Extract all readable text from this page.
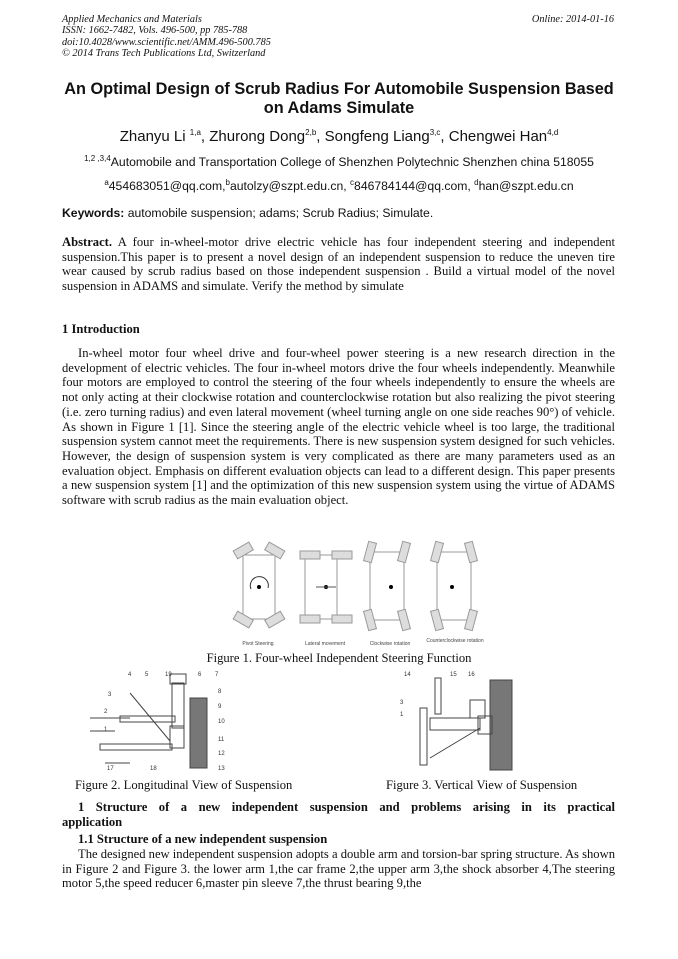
Applied Mechanics and Materials
ISSN: 1662-7482, Vols. 496-500, pp 785-788
doi:10.4028/www.scientific.net/AMM.496-500.785
© 2014 Trans Tech Publications Ltd, Switzerland
Online: 2014-01-16
An Optimal Design of Scrub Radius For Automobile Suspension Based
on Adams Simulate
Zhanyu Li $^{1,a}$, Zhurong Dong$^{2,b}$, Songfeng Liang$^{3,c}$, Chengwei Han$^{4,d}$
$^{1,2 ,3,4}$Automobile and Transportation College of Shenzhen Polytechnic Shenzhen china 518055
$^a$454683051@qq.com,$^b$autolzy@szpt.edu.cn, $^c$846784144@qq.com, $^d$han@szpt.edu.cn
Keywords: automobile suspension; adams; Scrub Radius; Simulate.
Abstract. A four in-wheel-motor drive electric vehicle has four independent steering and independent suspension.This paper is to present a novel design of an independent suspension to reduce the uneven tire wear caused by scrub radius based on those independent suspension . Build a virtual model of the novel suspension in ADAMS and simulate. Verify the method by simulate
1 Introduction

In-wheel motor four wheel drive and four-wheel power steering is a new research direction in the development of electric vehicles. The four in-wheel motors drive the four wheels independently. Meanwhile four motors are employed to control the steering of the four wheels independently to ensure the wheels are not only acting at their clockwise rotation and counterclockwise rotation but also realizing the pivot steering (i.e. zero turning radius) and even lateral movement (wheel turning angle on one side reaches 90°) of vehicle. As shown in Figure 1 [1]. Since the steering angle of the electric vehicle wheel is too large, the traditional suspension system cannot meet the requirements. There is new suspension system designed for such vehicles. However, the design of suspension system is very complicated as there are many parameters used as an evaluation object. Emphasis on different evaluation objects can lead to a different design. This paper presents a new suspension system [1] and the optimization of this new suspension system using the virtue of ADAMS software with scrub radius as the main evaluation object.

Pivot Steering	Lateral movement	Clockwise rotation	Counterclockwise rotation
Figure 1. Four-wheel Independent Steering Function
4 5	19	6 7
3	8
2
9
10
1
11
12
17	18	13
14	15 16
3
1
Figure 2. Longitudinal View of Suspension	Figure 3. Vertical View of Suspension
1 Structure of a new independent suspension and problems arising in its practical application
1.1 Structure of a new independent suspension

The designed new independent suspension adopts a double arm and torsion-bar spring structure. As shown in Figure 2 and Figure 3. the lower arm 1,the car frame 2,the upper arm 3,the shock absorber 4,The steering motor 5,the speed reducer 6,master pin sleeve 7,the thrust bearing 9,the
